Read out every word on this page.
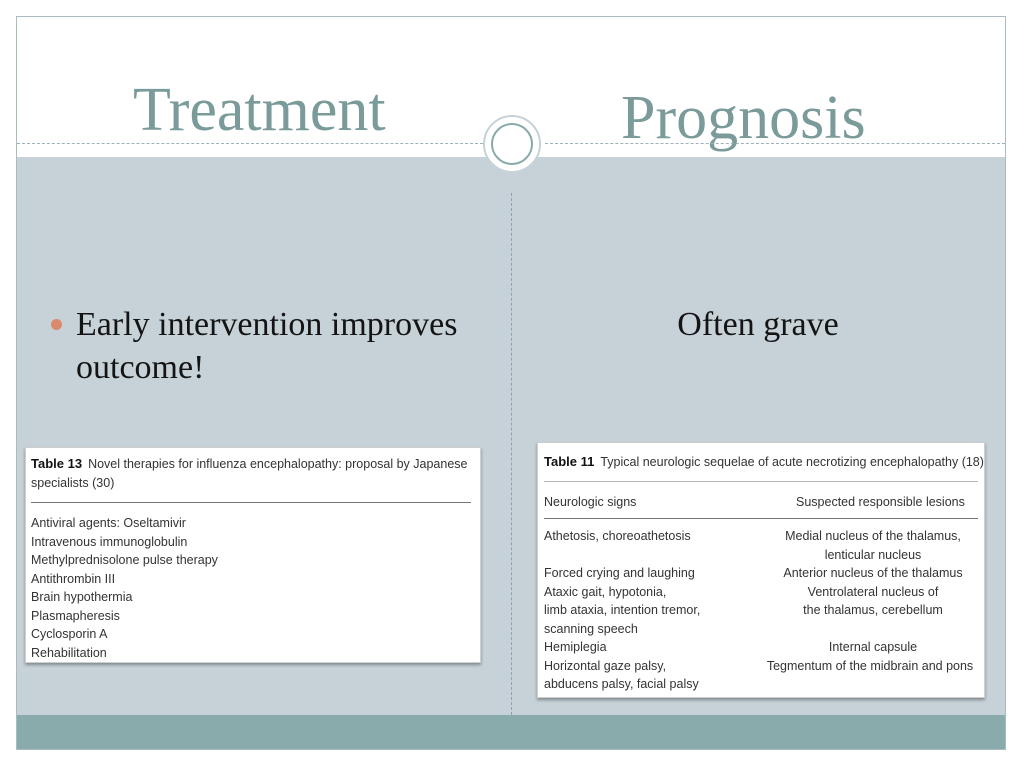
Treatment	Prognosis
Early intervention improves outcome!
Often grave
Table 13 Novel therapies for influenza encephalopathy: proposal by Japanese specialists (30)
Antiviral agents: Oseltamivir
Intravenous immunoglobulin
Methylprednisolone pulse therapy
Antithrombin III
Brain hypothermia
Plasmapheresis
Cyclosporin A
Rehabilitation
Table 11 Typical neurologic sequelae of acute necrotizing encephalopathy (18)
Neurologic signs	Suspected responsible lesions
Athetosis, choreoathetosis	Medial nucleus of the thalamus,
lenticular nucleus
Forced crying and laughing	Anterior nucleus of the thalamus
Ataxic gait, hypotonia,	Ventrolateral nucleus of
limb ataxia, intention tremor,	the thalamus, cerebellum
scanning speech
Hemiplegia	Internal capsule
Horizontal gaze palsy,	Tegmentum of the midbrain and pons
abducens palsy, facial palsy
